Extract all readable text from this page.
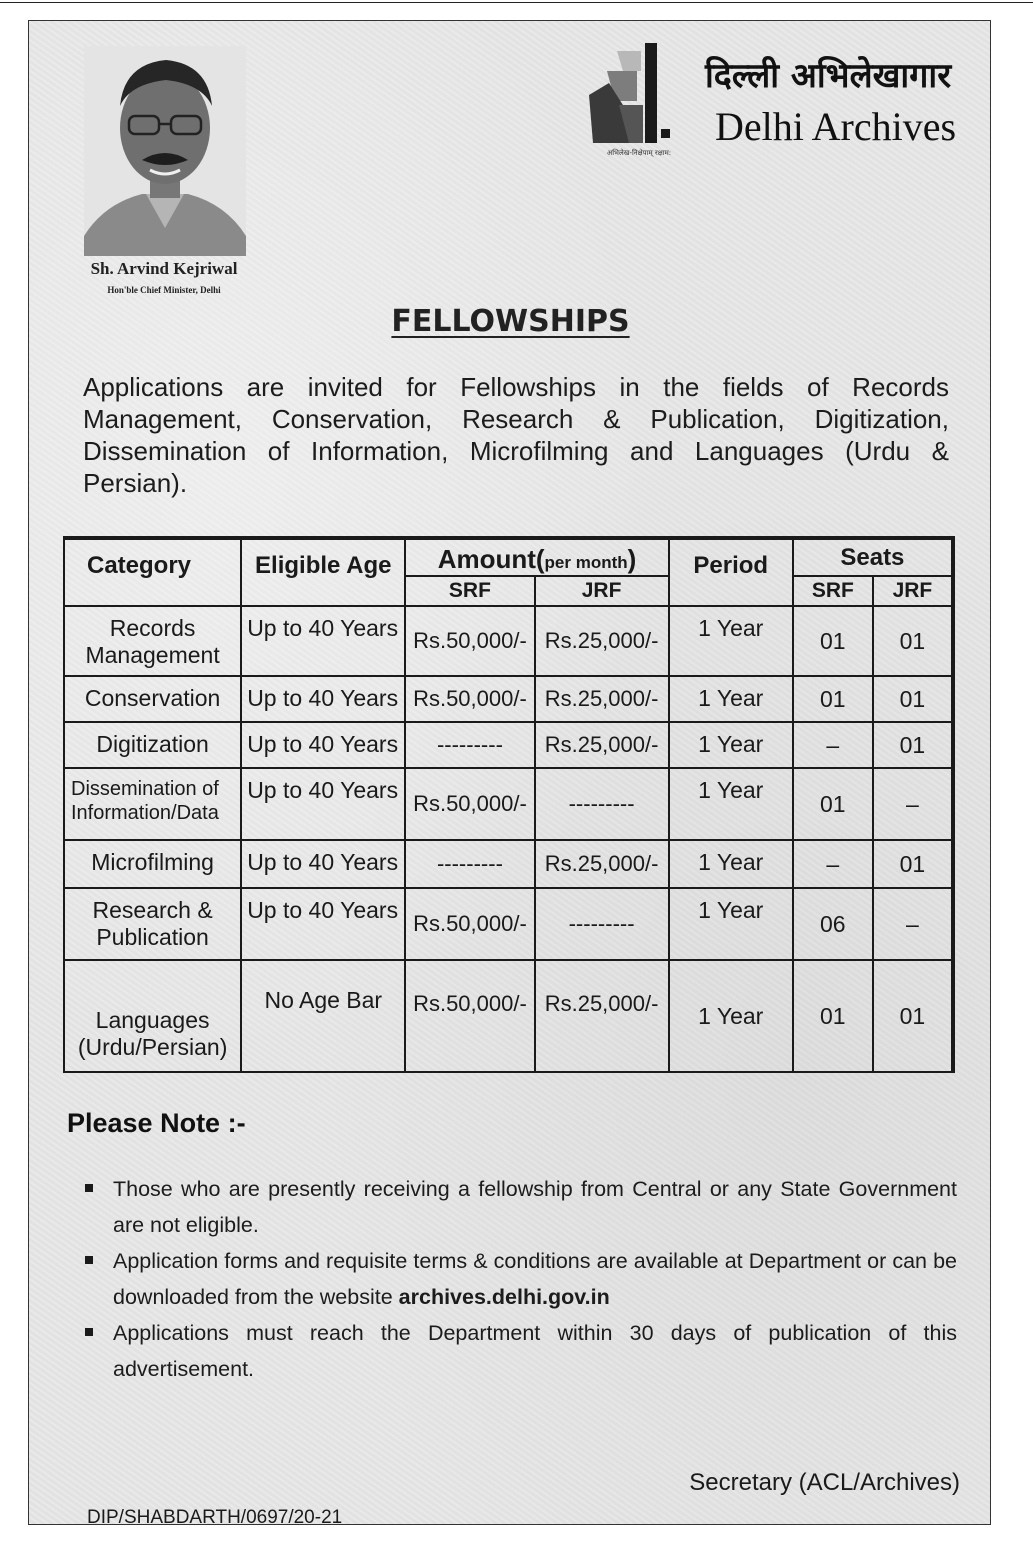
Sh. Arvind Kejriwal
Hon'ble Chief Minister, Delhi
अभिलेख-निक्षेपाम् रक्षाम:
दिल्ली अभिलेखागार
Delhi Archives
FELLOWSHIPS
Applications are invited for Fellowships in the fields of Records Management, Conservation, Research & Publication, Digitization, Dissemination of Information, Microfilming and Languages (Urdu & Persian).
Category	Eligible Age	Amount(per month)		Period	Seats	
		SRF	JRF		SRF	JRF
Records Management	Up to 40 Years	Rs.50,000/-	Rs.25,000/-	1 Year	01	01
Conservation	Up to 40 Years	Rs.50,000/-	Rs.25,000/-	1 Year	01	01
Digitization	Up to 40 Years	---------	Rs.25,000/-	1 Year	–	01
Dissemination of Information/Data	Up to 40 Years	Rs.50,000/-	---------	1 Year	01	–
Microfilming	Up to 40 Years	---------	Rs.25,000/-	1 Year	–	01
Research & Publication	Up to 40 Years	Rs.50,000/-	---------	1 Year	06	–
Languages (Urdu/Persian)	No Age Bar	Rs.50,000/-	Rs.25,000/-	1 Year	01	01
Please Note :-
Those who are presently receiving a fellowship from Central or any State Government are not eligible.
Application forms and requisite terms & conditions are available at Department or can be downloaded from the website archives.delhi.gov.in
Applications must reach the Department within 30 days of publication of this advertisement.
Secretary (ACL/Archives)
DIP/SHABDARTH/0697/20-21
